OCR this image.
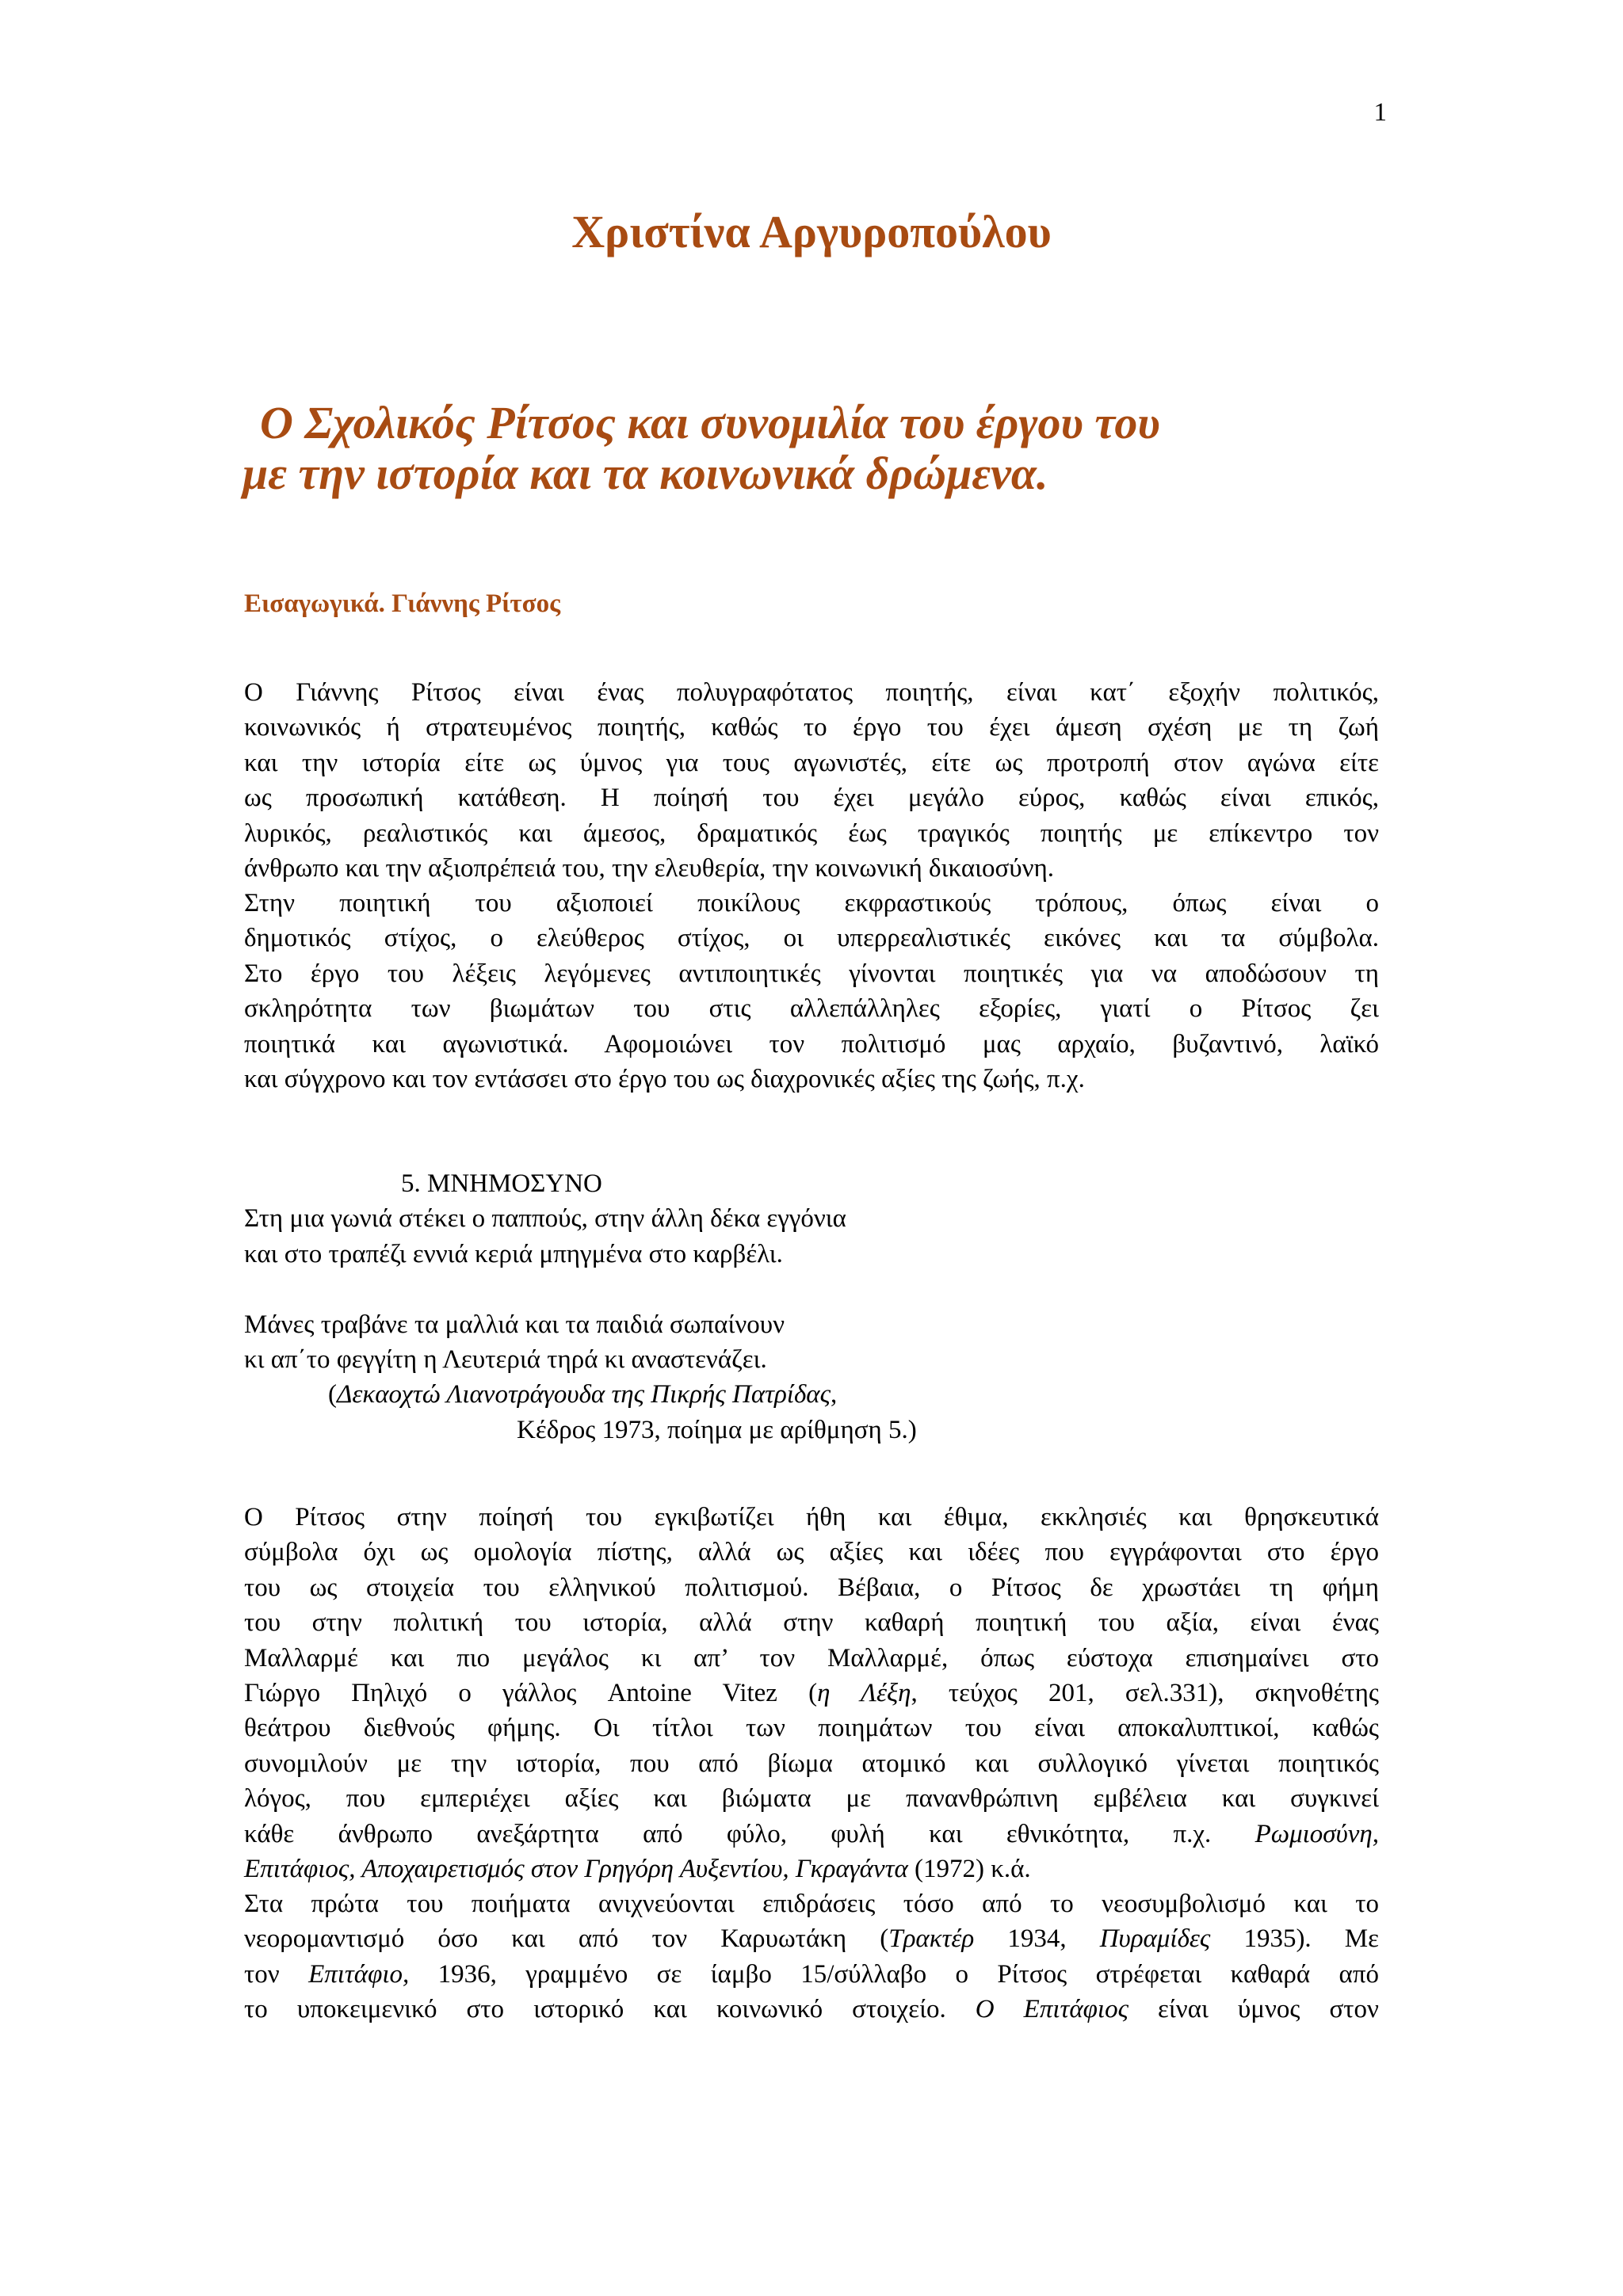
1
Χριστίνα Αργυροπούλου
Ο Σχολικός Ρίτσος και συνομιλία του έργου του
με την ιστορία και τα κοινωνικά δρώμενα.
Εισαγωγικά. Γιάννης Ρίτσος
Ο Γιάννης Ρίτσος είναι ένας πολυγραφότατος ποιητής, είναι κατ΄ εξοχήν πολιτικός,
κοινωνικός ή στρατευμένος ποιητής, καθώς το έργο του έχει άμεση σχέση με τη ζωή
και την ιστορία είτε ως ύμνος για τους αγωνιστές, είτε ως προτροπή στον αγώνα είτε
ως προσωπική κατάθεση. Η ποίησή του έχει μεγάλο εύρος, καθώς είναι επικός,
λυρικός, ρεαλιστικός και άμεσος, δραματικός έως τραγικός ποιητής με επίκεντρο τον
άνθρωπο και την αξιοπρέπειά του, την ελευθερία, την κοινωνική δικαιοσύνη.
Στην ποιητική του αξιοποιεί ποικίλους εκφραστικούς τρόπους, όπως είναι ο
δημοτικός στίχος, ο ελεύθερος στίχος, οι υπερρεαλιστικές εικόνες και τα σύμβολα.
Στο έργο του λέξεις λεγόμενες αντιποιητικές γίνονται ποιητικές για να αποδώσουν τη
σκληρότητα των βιωμάτων του στις αλλεπάλληλες εξορίες, γιατί ο Ρίτσος ζει
ποιητικά και αγωνιστικά. Αφομοιώνει τον πολιτισμό μας αρχαίο, βυζαντινό, λαϊκό
και σύγχρονο και τον εντάσσει στο έργο του ως διαχρονικές αξίες της ζωής, π.χ.
5. ΜΝΗΜΟΣΥΝΟ
Στη μια γωνιά στέκει ο παππούς, στην άλλη δέκα εγγόνια
και στο τραπέζι εννιά κεριά μπηγμένα στο καρβέλι.

Μάνες τραβάνε τα μαλλιά και τα παιδιά σωπαίνουν
κι απ΄το φεγγίτη η Λευτεριά τηρά κι αναστενάζει.
(Δεκαοχτώ Λιανοτράγουδα της Πικρής Πατρίδας,
Κέδρος 1973, ποίημα με αρίθμηση 5.)
Ο Ρίτσος στην ποίησή του εγκιβωτίζει ήθη και έθιμα, εκκλησιές και θρησκευτικά
σύμβολα όχι ως ομολογία πίστης, αλλά ως αξίες και ιδέες που εγγράφονται στο έργο
του ως στοιχεία του ελληνικού πολιτισμού. Βέβαια, ο Ρίτσος δε χρωστάει τη φήμη
του στην πολιτική του ιστορία, αλλά στην καθαρή ποιητική του αξία, είναι ένας
Μαλλαρμέ και πιο μεγάλος κι απ’ τον Μαλλαρμέ, όπως εύστοχα επισημαίνει στο
Γιώργο Πηλιχό ο γάλλος Antoine Vitez (η Λέξη, τεύχος 201, σελ.331), σκηνοθέτης
θεάτρου διεθνούς φήμης. Οι τίτλοι των ποιημάτων του είναι αποκαλυπτικοί, καθώς
συνομιλούν με την ιστορία, που από βίωμα ατομικό και συλλογικό γίνεται ποιητικός
λόγος, που εμπεριέχει αξίες και βιώματα με πανανθρώπινη εμβέλεια και συγκινεί
κάθε άνθρωπο ανεξάρτητα από φύλο, φυλή και εθνικότητα, π.χ. Ρωμιοσύνη,
Επιτάφιος, Αποχαιρετισμός στον Γρηγόρη Αυξεντίου, Γκραγάντα (1972) κ.ά.
Στα πρώτα του ποιήματα ανιχνεύονται επιδράσεις τόσο από το νεοσυμβολισμό και το
νεορομαντισμό όσο και από τον Καρυωτάκη (Τρακτέρ 1934, Πυραμίδες 1935). Με
τον Επιτάφιο, 1936, γραμμένο σε ίαμβο 15/σύλλαβο ο Ρίτσος στρέφεται καθαρά από
το υποκειμενικό στο ιστορικό και κοινωνικό στοιχείο. Ο Επιτάφιος είναι ύμνος στον
